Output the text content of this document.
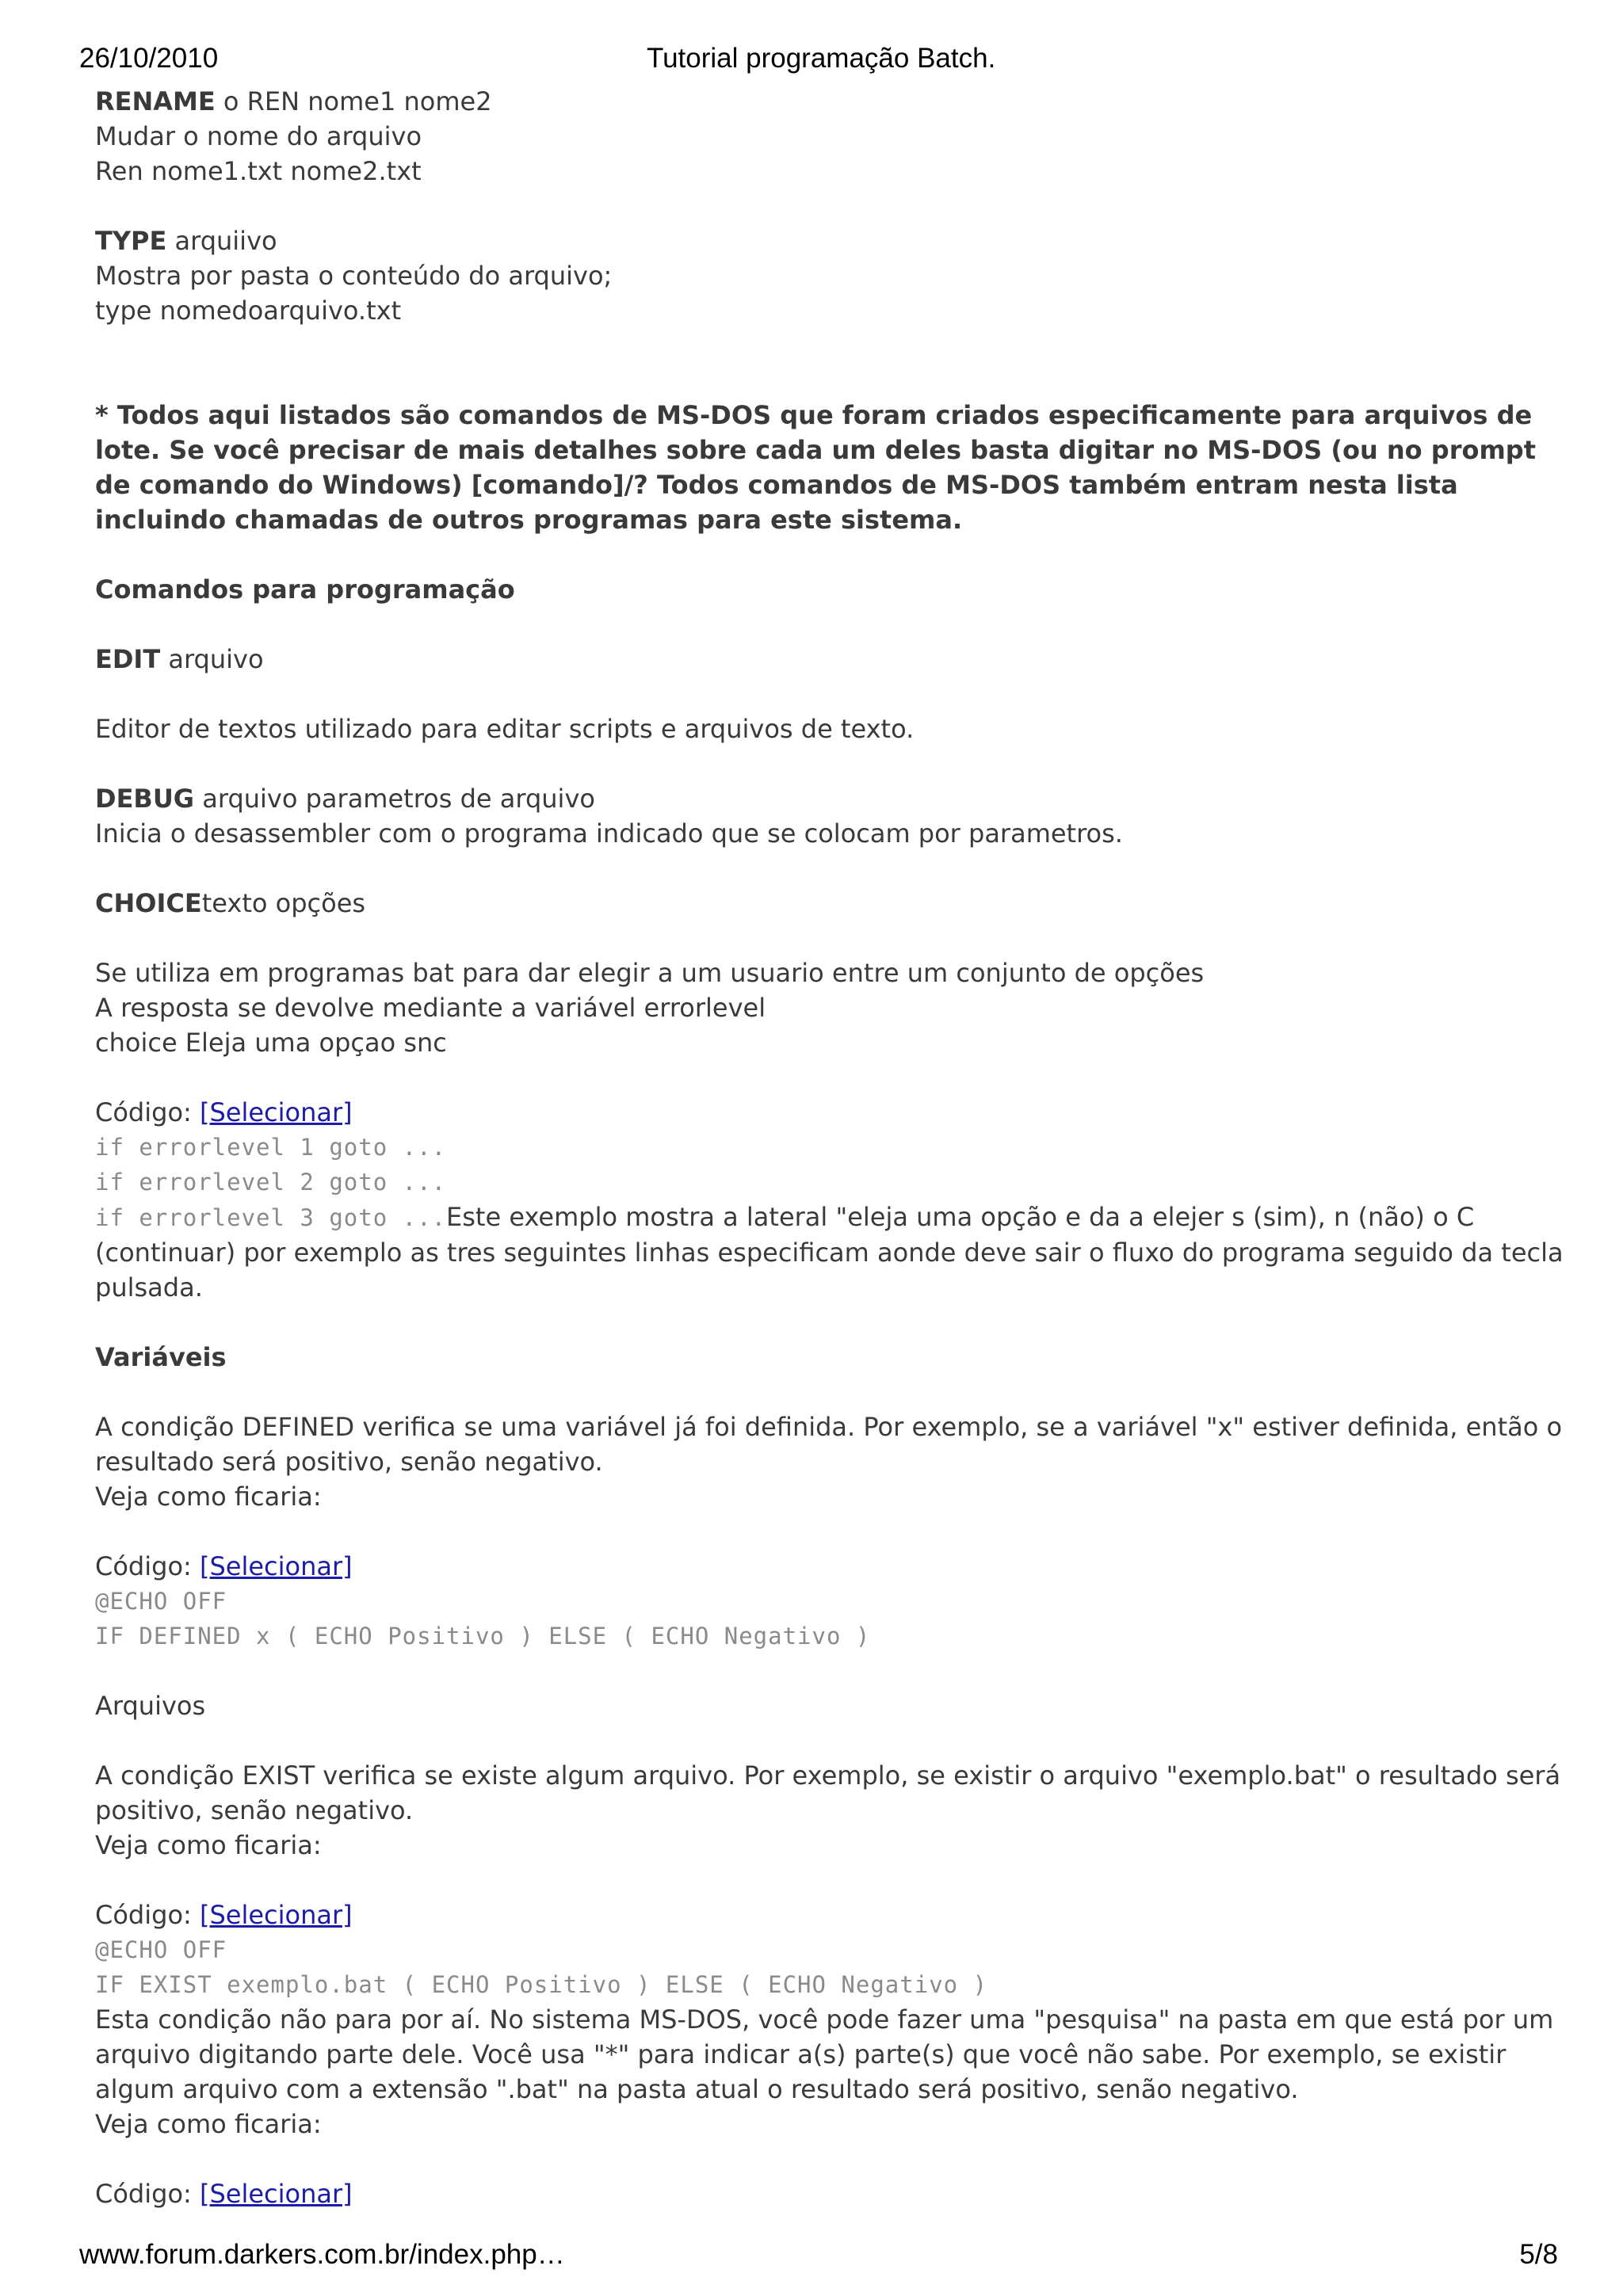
26/10/2010	Tutorial programação Batch.
RENAME o REN nome1 nome2
Mudar o nome do arquivo
Ren nome1.txt nome2.txt
TYPE arquiivo
Mostra por pasta o conteúdo do arquivo;
type nomedoarquivo.txt
* Todos aqui listados são comandos de MS-DOS que foram criados especificamente para arquivos de lote. Se você precisar de mais detalhes sobre cada um deles basta digitar no MS-DOS (ou no prompt de comando do Windows) [comando]/? Todos comandos de MS-DOS também entram nesta lista incluindo chamadas de outros programas para este sistema.
Comandos para programação
EDIT arquivo
Editor de textos utilizado para editar scripts e arquivos de texto.
DEBUG arquivo parametros de arquivo
Inicia o desassembler com o programa indicado que se colocam por parametros.
CHOICEtexto opções
Se utiliza em programas bat para dar elegir a um usuario entre um conjunto de opções
A resposta se devolve mediante a variável errorlevel
choice Eleja uma opçao snc
Código: [Selecionar]
if errorlevel 1 goto ...
if errorlevel 2 goto ...
if errorlevel 3 goto ...Este exemplo mostra a lateral "eleja uma opção e da a elejer s (sim), n (não) o C (continuar) por exemplo as tres seguintes linhas especificam aonde deve sair o fluxo do programa seguido da tecla pulsada.
Variáveis
A condição DEFINED verifica se uma variável já foi definida. Por exemplo, se a variável "x" estiver definida, então o resultado será positivo, senão negativo.
Veja como ficaria:
Código: [Selecionar]
@ECHO OFF
IF DEFINED x ( ECHO Positivo ) ELSE ( ECHO Negativo )
Arquivos
A condição EXIST verifica se existe algum arquivo. Por exemplo, se existir o arquivo "exemplo.bat" o resultado será positivo, senão negativo.
Veja como ficaria:
Código: [Selecionar]
@ECHO OFF
IF EXIST exemplo.bat ( ECHO Positivo ) ELSE ( ECHO Negativo )
Esta condição não para por aí. No sistema MS-DOS, você pode fazer uma "pesquisa" na pasta em que está por um arquivo digitando parte dele. Você usa "*" para indicar a(s) parte(s) que você não sabe. Por exemplo, se existir algum arquivo com a extensão ".bat" na pasta atual o resultado será positivo, senão negativo.
Veja como ficaria:
Código: [Selecionar]
www.forum.darkers.com.br/index.php…	5/8
